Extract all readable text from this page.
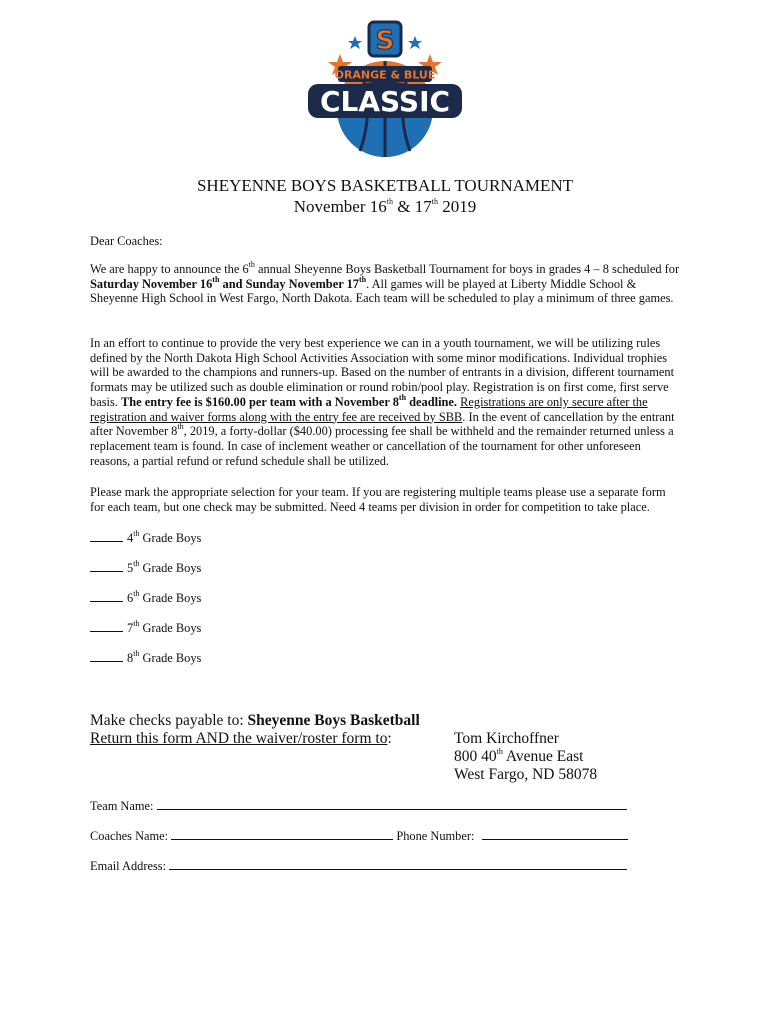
S
ORANGE & BLUE
CLASSIC
SHEYENNE BOYS BASKETBALL TOURNAMENT
November 16th & 17th 2019
Dear Coaches:
We are happy to announce the 6th annual Sheyenne Boys Basketball Tournament for boys in grades 4 – 8 scheduled for Saturday November 16th and Sunday November 17th. All games will be played at Liberty Middle School & Sheyenne High School in West Fargo, North Dakota. Each team will be scheduled to play a minimum of three games.
In an effort to continue to provide the very best experience we can in a youth tournament, we will be utilizing rules defined by the North Dakota High School Activities Association with some minor modifications. Individual trophies will be awarded to the champions and runners-up. Based on the number of entrants in a division, different tournament formats may be utilized such as double elimination or round robin/pool play. Registration is on first come, first serve basis. The entry fee is $160.00 per team with a November 8th deadline. Registrations are only secure after the registration and waiver forms along with the entry fee are received by SBB. In the event of cancellation by the entrant after November 8th, 2019, a forty-dollar ($40.00) processing fee shall be withheld and the remainder returned unless a replacement team is found. In case of inclement weather or cancellation of the tournament for other unforeseen reasons, a partial refund or refund schedule shall be utilized.
Please mark the appropriate selection for your team. If you are registering multiple teams please use a separate form for each team, but one check may be submitted. Need 4 teams per division in order for competition to take place.
4th Grade Boys
5th Grade Boys
6th Grade Boys
7th Grade Boys
8th Grade Boys
Make checks payable to: Sheyenne Boys Basketball
Return this form AND the waiver/roster form to:	Tom Kirchoffner
800 40th Avenue East
West Fargo, ND 58078
Team Name:
Coaches Name:	Phone Number:
Email Address:
